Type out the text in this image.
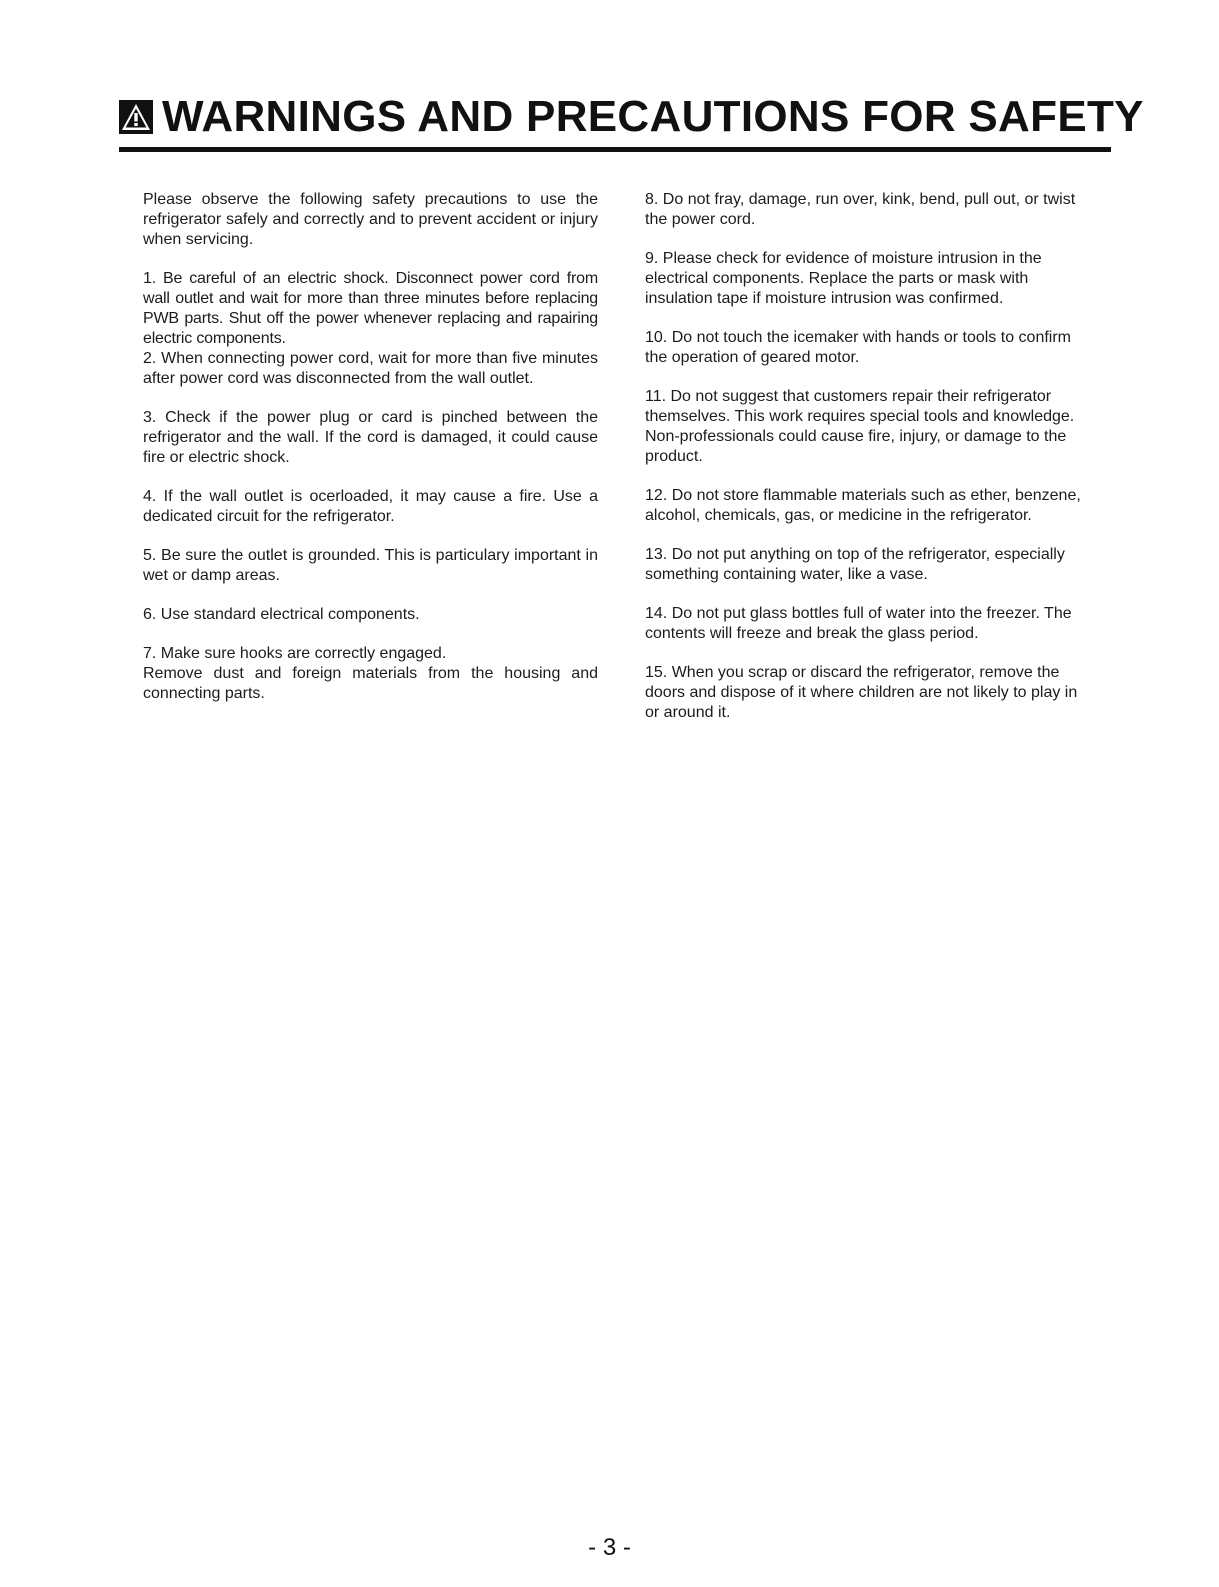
WARNINGS AND PRECAUTIONS FOR SAFETY

Please observe the following safety precautions to use the refrigerator safely and correctly and to prevent accident or injury when servicing.

1. Be careful of an electric shock. Disconnect power cord from wall outlet and wait for more than three minutes before replacing PWB parts. Shut off the power whenever replacing and rapairing electric components.

2. When connecting power cord, wait for more than five minutes after power cord was disconnected from the wall outlet.

3. Check if the power plug or card is pinched between the refrigerator and the wall. If the cord is damaged, it could cause fire or electric shock.

4. If the wall outlet is ocerloaded, it may cause a fire. Use a dedicated circuit for the refrigerator.

5. Be sure the outlet is grounded. This is particulary important in wet or damp areas.

6. Use standard electrical components.

7. Make sure hooks are correctly engaged.

Remove dust and foreign materials from the housing and connecting parts.

8. Do not fray, damage, run over, kink, bend, pull out, or twist the power cord.

9. Please check for evidence of moisture intrusion in the electrical components. Replace the parts or mask with insulation tape if moisture intrusion was confirmed.

10. Do not touch the icemaker with hands or tools to confirm the operation of geared motor.

11. Do not suggest that customers repair their refrigerator themselves. This work requires special tools and knowledge. Non-professionals could cause fire, injury, or damage to the product.

12. Do not store flammable materials such as ether, benzene, alcohol, chemicals, gas, or medicine in the refrigerator.

13. Do not put anything on top of the refrigerator, especially something containing water, like a vase.

14. Do not put glass bottles full of water into the freezer. The contents will freeze and break the glass period.

15. When you scrap or discard the refrigerator, remove the doors and dispose of it where children are not likely to play in or around it.

- 3 -
